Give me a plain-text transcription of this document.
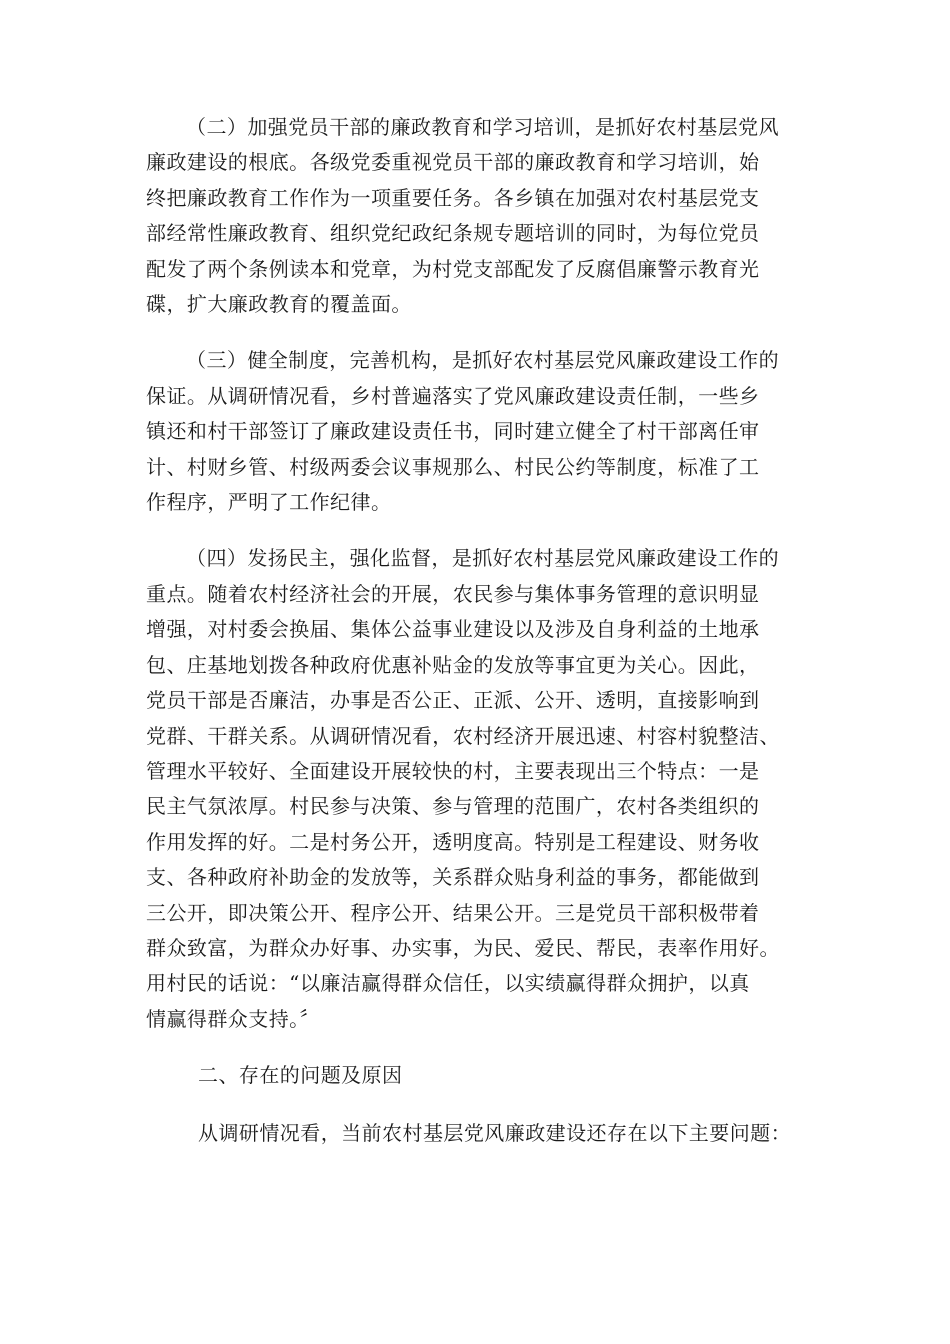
（二）加强党员干部的廉政教育和学习培训，是抓好农村基层党风
廉政建设的根底。各级党委重视党员干部的廉政教育和学习培训，始
终把廉政教育工作作为一项重要任务。各乡镇在加强对农村基层党支
部经常性廉政教育、组织党纪政纪条规专题培训的同时，为每位党员
配发了两个条例读本和党章，为村党支部配发了反腐倡廉警示教育光
碟，扩大廉政教育的覆盖面。
（三）健全制度，完善机构，是抓好农村基层党风廉政建设工作的
保证。从调研情况看，乡村普遍落实了党风廉政建设责任制，一些乡
镇还和村干部签订了廉政建设责任书，同时建立健全了村干部离任审
计、村财乡管、村级两委会议事规那么、村民公约等制度，标准了工
作程序，严明了工作纪律。
（四）发扬民主，强化监督，是抓好农村基层党风廉政建设工作的
重点。随着农村经济社会的开展，农民参与集体事务管理的意识明显
增强，对村委会换届、集体公益事业建设以及涉及自身利益的土地承
包、庄基地划拨各种政府优惠补贴金的发放等事宜更为关心。因此，
党员干部是否廉洁，办事是否公正、正派、公开、透明，直接影响到
党群、干群关系。从调研情况看，农村经济开展迅速、村容村貌整洁、
管理水平较好、全面建设开展较快的村，主要表现出三个特点：一是
民主气氛浓厚。村民参与决策、参与管理的范围广，农村各类组织的
作用发挥的好。二是村务公开，透明度高。特别是工程建设、财务收
支、各种政府补助金的发放等，关系群众贴身利益的事务，都能做到
三公开，即决策公开、程序公开、结果公开。三是党员干部积极带着
群众致富，为群众办好事、办实事，为民、爱民、帮民，表率作用好。
用村民的话说：“以廉洁赢得群众信任，以实绩赢得群众拥护，以真
情赢得群众支持。〞
二、存在的问题及原因
从调研情况看，当前农村基层党风廉政建设还存在以下主要问题：
